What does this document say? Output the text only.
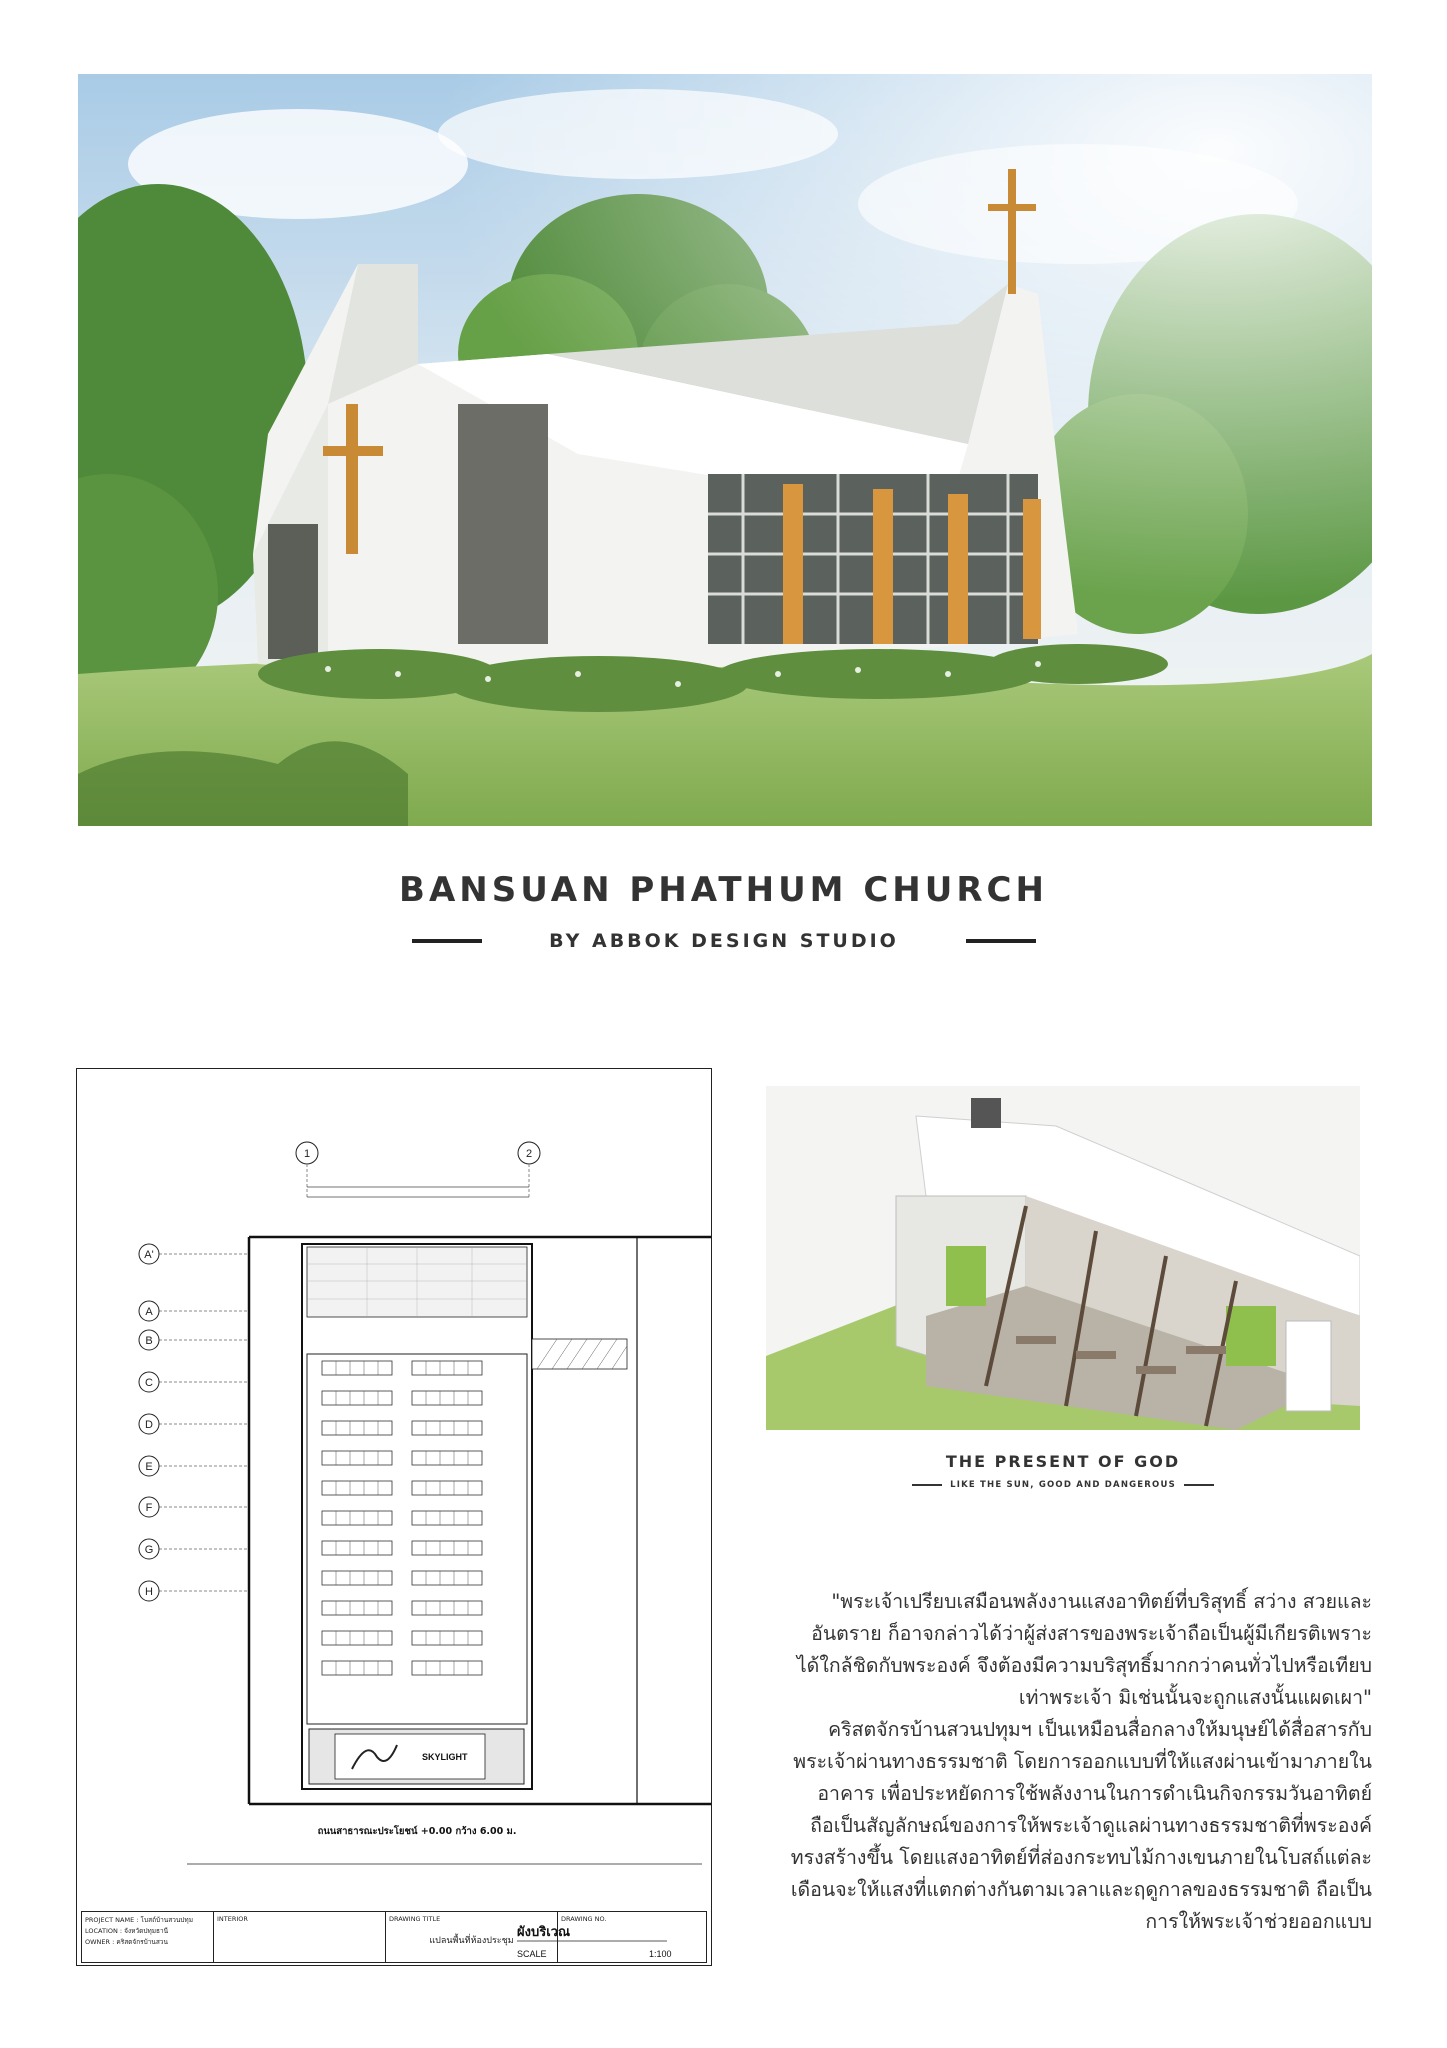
BANSUAN PHATHUM CHURCH
BY ABBOK DESIGN STUDIO
1	2
A'
A
B
C
D
E
F
G
H
SKYLIGHT
ถนนสาธารณะประโยชน์ +0.00 กว้าง 6.00 ม.
ผังบริเวณ
SCALE	1:100
PROJECT NAME : โบสถ์บ้านสวนปทุม
LOCATION : จังหวัดปทุมธานี
OWNER : คริสตจักรบ้านสวน
INTERIOR	DRAWING TITLE
แปลนพื้นที่ห้องประชุม
DRAWING NO.
THE PRESENT OF GOD
LIKE THE SUN, GOOD AND DANGEROUS

"พระเจ้าเปรียบเสมือนพลังงานแสงอาทิตย์ที่บริสุทธิ์ สว่าง สวยและ

อันตราย ก็อาจกล่าวได้ว่าผู้ส่งสารของพระเจ้าถือเป็นผู้มีเกียรติเพราะ

ได้ใกล้ชิดกับพระองค์ จึงต้องมีความบริสุทธิ์มากกว่าคนทั่วไปหรือเทียบ

เท่าพระเจ้า มิเช่นนั้นจะถูกแสงนั้นแผดเผา"

คริสตจักรบ้านสวนปทุมฯ เป็นเหมือนสื่อกลางให้มนุษย์ได้สื่อสารกับ

พระเจ้าผ่านทางธรรมชาติ โดยการออกแบบที่ให้แสงผ่านเข้ามาภายใน

อาคาร เพื่อประหยัดการใช้พลังงานในการดำเนินกิจกรรมวันอาทิตย์

ถือเป็นสัญลักษณ์ของการให้พระเจ้าดูแลผ่านทางธรรมชาติที่พระองค์

ทรงสร้างขึ้น โดยแสงอาทิตย์ที่ส่องกระทบไม้กางเขนภายในโบสถ์แต่ละ

เดือนจะให้แสงที่แตกต่างกันตามเวลาและฤดูกาลของธรรมชาติ ถือเป็น

การให้พระเจ้าช่วยออกแบบ
